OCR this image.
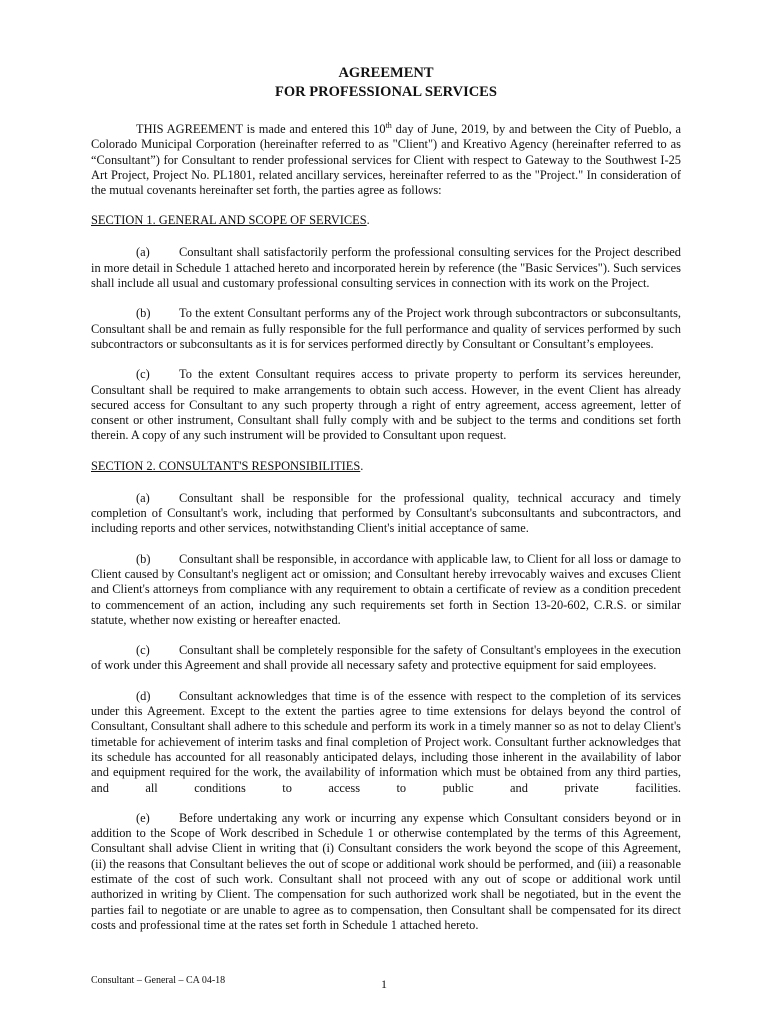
AGREEMENT
FOR PROFESSIONAL SERVICES

THIS AGREEMENT is made and entered this 10th day of June, 2019, by and between the City of Pueblo, a Colorado Municipal Corporation (hereinafter referred to as "Client") and Kreativo Agency (hereinafter referred to as “Consultant”) for Consultant to render professional services for Client with respect to Gateway to the Southwest I-25 Art Project, Project No. PL1801, related ancillary services, hereinafter referred to as the "Project." In consideration of the mutual covenants hereinafter set forth, the parties agree as follows:

SECTION 1. GENERAL AND SCOPE OF SERVICES.

(a) Consultant shall satisfactorily perform the professional consulting services for the Project described in more detail in Schedule 1 attached hereto and incorporated herein by reference (the "Basic Services"). Such services shall include all usual and customary professional consulting services in connection with its work on the Project.

(b) To the extent Consultant performs any of the Project work through subcontractors or subconsultants, Consultant shall be and remain as fully responsible for the full performance and quality of services performed by such subcontractors or subconsultants as it is for services performed directly by Consultant or Consultant’s employees.

(c) To the extent Consultant requires access to private property to perform its services hereunder, Consultant shall be required to make arrangements to obtain such access. However, in the event Client has already secured access for Consultant to any such property through a right of entry agreement, access agreement, letter of consent or other instrument, Consultant shall fully comply with and be subject to the terms and conditions set forth therein. A copy of any such instrument will be provided to Consultant upon request.

SECTION 2. CONSULTANT'S RESPONSIBILITIES.

(a) Consultant shall be responsible for the professional quality, technical accuracy and timely completion of Consultant's work, including that performed by Consultant's subconsultants and subcontractors, and including reports and other services, notwithstanding Client's initial acceptance of same.

(b) Consultant shall be responsible, in accordance with applicable law, to Client for all loss or damage to Client caused by Consultant's negligent act or omission; and Consultant hereby irrevocably waives and excuses Client and Client's attorneys from compliance with any requirement to obtain a certificate of review as a condition precedent to commencement of an action, including any such requirements set forth in Section 13-20-602, C.R.S. or similar statute, whether now existing or hereafter enacted.

(c) Consultant shall be completely responsible for the safety of Consultant's employees in the execution of work under this Agreement and shall provide all necessary safety and protective equipment for said employees.

(d) Consultant acknowledges that time is of the essence with respect to the completion of its services under this Agreement. Except to the extent the parties agree to time extensions for delays beyond the control of Consultant, Consultant shall adhere to this schedule and perform its work in a timely manner so as not to delay Client's timetable for achievement of interim tasks and final completion of Project work. Consultant further acknowledges that its schedule has accounted for all reasonably anticipated delays, including those inherent in the availability of labor and equipment required for the work, the availability of information which must be obtained from any third parties, and all conditions to access to public and private facilities.

(e) Before undertaking any work or incurring any expense which Consultant considers beyond or in addition to the Scope of Work described in Schedule 1 or otherwise contemplated by the terms of this Agreement, Consultant shall advise Client in writing that (i) Consultant considers the work beyond the scope of this Agreement, (ii) the reasons that Consultant believes the out of scope or additional work should be performed, and (iii) a reasonable estimate of the cost of such work. Consultant shall not proceed with any out of scope or additional work until authorized in writing by Client. The compensation for such authorized work shall be negotiated, but in the event the parties fail to negotiate or are unable to agree as to compensation, then Consultant shall be compensated for its direct costs and professional time at the rates set forth in Schedule 1 attached hereto.

Consultant – General – CA 04-18	1
